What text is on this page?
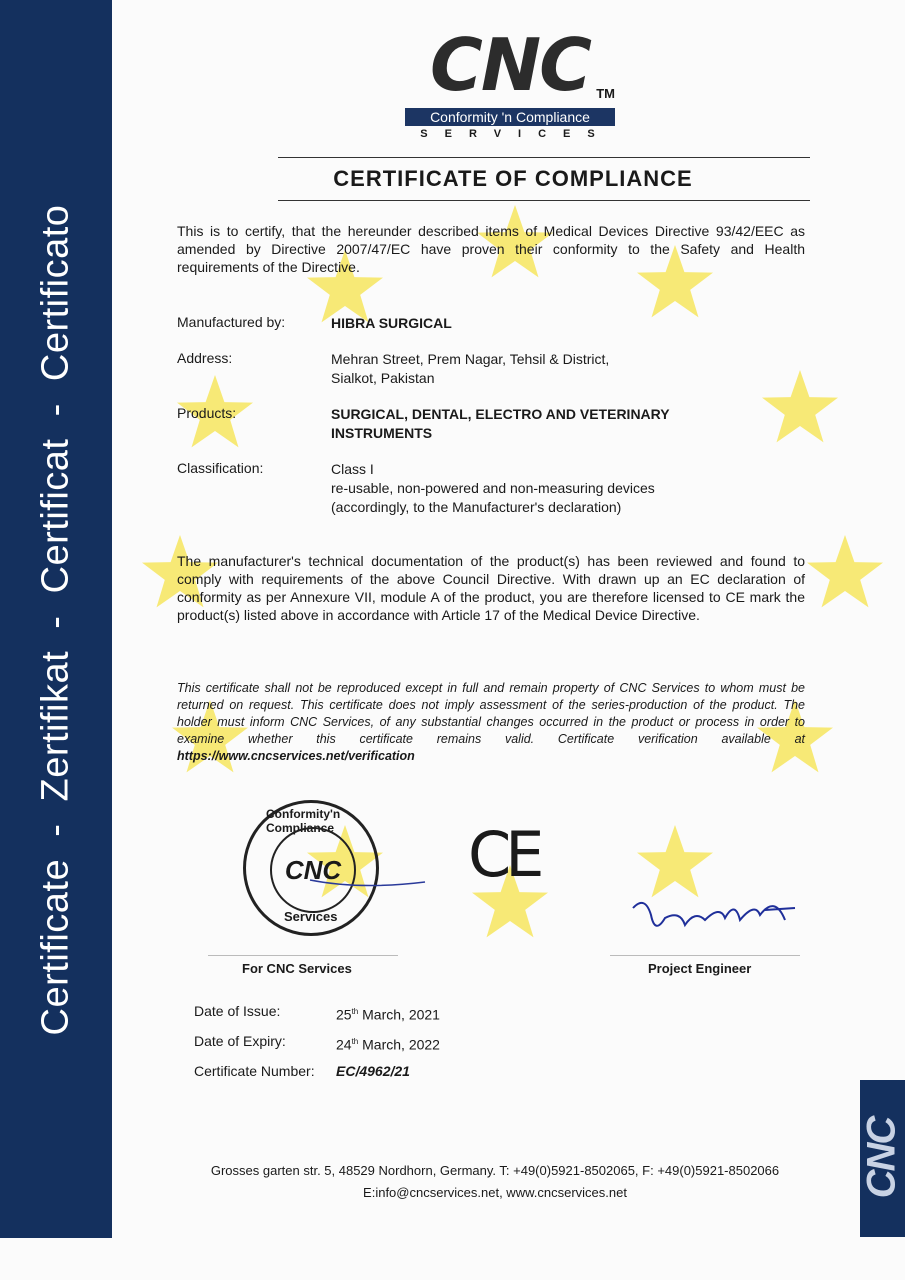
Certificate  -  Zertifikat  -  Certificat  -  Certificato
CNC
CNC TM
Conformity 'n Compliance
SERVICES
CERTIFICATE OF COMPLIANCE
This is to certify, that the hereunder described items of Medical Devices Directive 93/42/EEC as amended by Directive 2007/47/EC have proven their conformity to the Safety and Health requirements of the Directive.
Manufactured by:	HIBRA SURGICAL
Address:	Mehran Street, Prem Nagar, Tehsil & District,
Sialkot, Pakistan
Products:	SURGICAL, DENTAL, ELECTRO AND VETERINARY
INSTRUMENTS
Classification:	Class I
re-usable, non-powered and non-measuring devices
(accordingly, to the Manufacturer's declaration)
The manufacturer's technical documentation of the product(s) has been reviewed and found to comply with requirements of the above Council Directive. With drawn up an EC declaration of conformity as per Annexure VII, module A of the product, you are therefore licensed to CE mark the product(s) listed above in accordance with Article 17 of the Medical Device Directive.
This certificate shall not be reproduced except in full and remain property of CNC Services to whom must be returned on request. This certificate does not imply assessment of the series-production of the product. The holder must inform CNC Services, of any substantial changes occurred in the product or process in order to examine whether this certificate remains valid. Certificate verification available at https://www.cncservices.net/verification
Conformity'n Compliance
CNC
Services
CE
For CNC Services	Project Engineer
Date of Issue:	25th March, 2021
Date of Expiry:	24th March, 2022
Certificate Number: EC/4962/21
Grosses garten str. 5, 48529 Nordhorn, Germany. T: +49(0)5921-8502065, F: +49(0)5921-8502066
E:info@cncservices.net, www.cncservices.net
